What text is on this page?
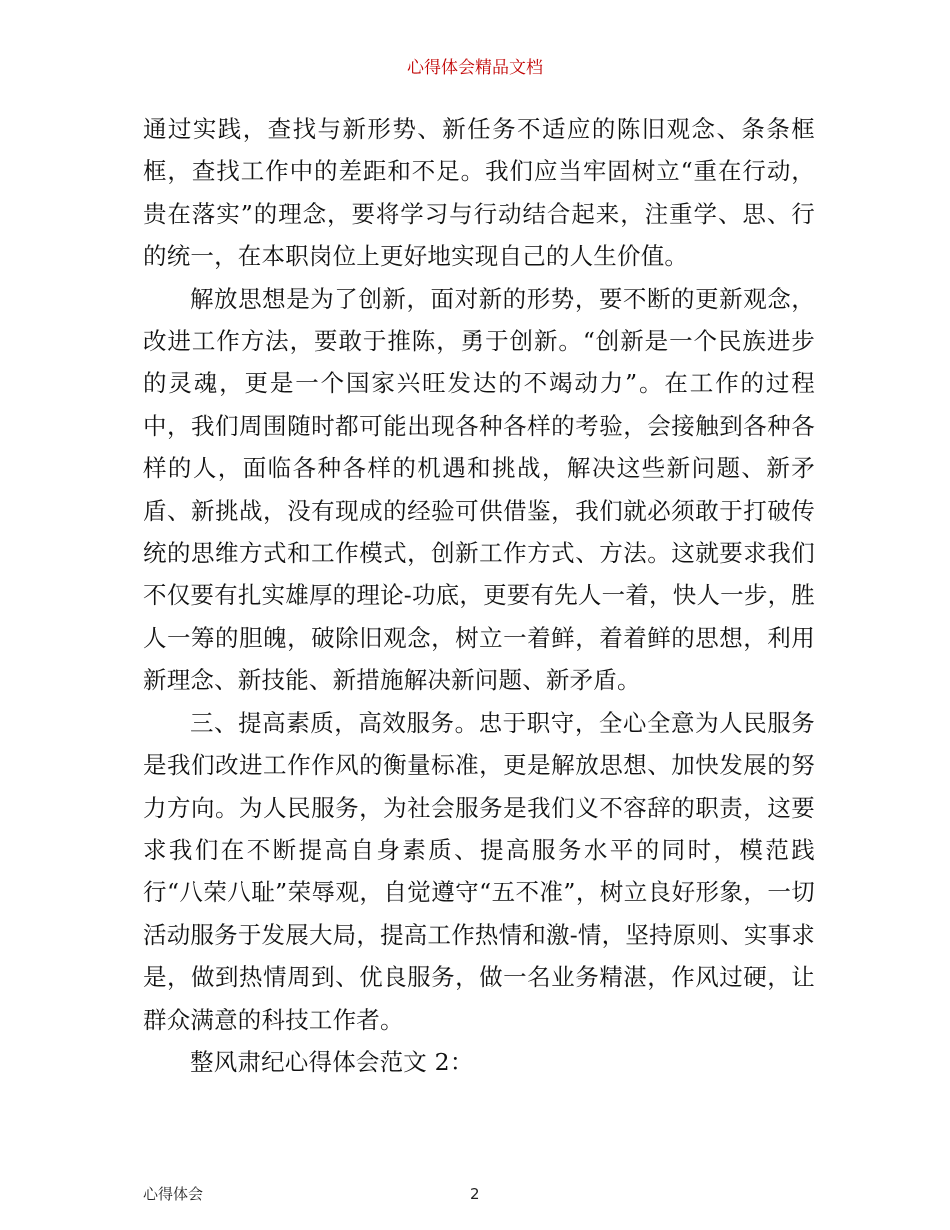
心得体会精品文档

通过实践，查找与新形势、新任务不适应的陈旧观念、条条框框，查找工作中的差距和不足。我们应当牢固树立“重在行动，贵在落实”的理念，要将学习与行动结合起来，注重学、思、行的统一，在本职岗位上更好地实现自己的人生价值。

解放思想是为了创新，面对新的形势，要不断的更新观念，改进工作方法，要敢于推陈，勇于创新。“创新是一个民族进步的灵魂，更是一个国家兴旺发达的不竭动力”。在工作的过程中，我们周围随时都可能出现各种各样的考验，会接触到各种各样的人，面临各种各样的机遇和挑战，解决这些新问题、新矛盾、新挑战，没有现成的经验可供借鉴，我们就必须敢于打破传统的思维方式和工作模式，创新工作方式、方法。这就要求我们不仅要有扎实雄厚的理论-功底，更要有先人一着，快人一步，胜人一筹的胆魄，破除旧观念，树立一着鲜，着着鲜的思想，利用新理念、新技能、新措施解决新问题、新矛盾。

三、提高素质，高效服务。忠于职守，全心全意为人民服务是我们改进工作作风的衡量标准，更是解放思想、加快发展的努力方向。为人民服务，为社会服务是我们义不容辞的职责，这要求我们在不断提高自身素质、提高服务水平的同时，模范践行“八荣八耻”荣辱观，自觉遵守“五不准”，树立良好形象，一切活动服务于发展大局，提高工作热情和激-情，坚持原则、实事求是，做到热情周到、优良服务，做一名业务精湛，作风过硬，让群众满意的科技工作者。

整风肃纪心得体会范文 2：

心得体会	2
